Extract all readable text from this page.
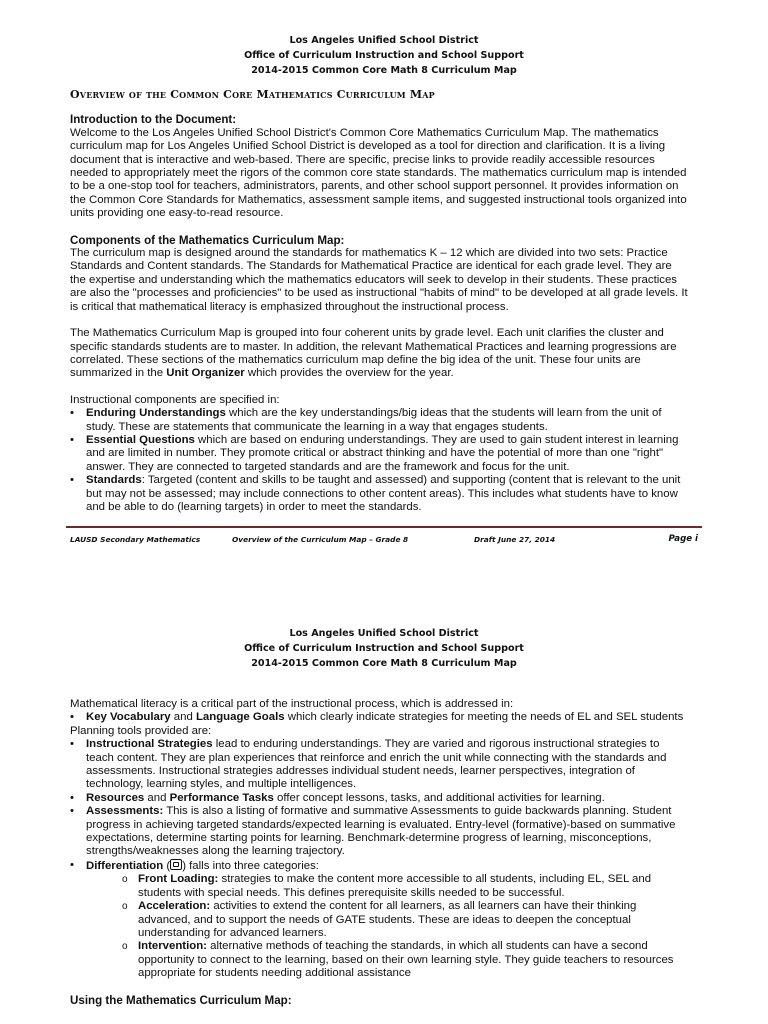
Los Angeles Unified School District
Office of Curriculum Instruction and School Support
2014-2015 Common Core Math 8 Curriculum Map
Overview of the Common Core Mathematics Curriculum Map
Introduction to the Document:

Welcome to the Los Angeles Unified School District's Common Core Mathematics Curriculum Map. The mathematics curriculum map for Los Angeles Unified School District is developed as a tool for direction and clarification. It is a living document that is interactive and web-based. There are specific, precise links to provide readily accessible resources needed to appropriately meet the rigors of the common core state standards. The mathematics curriculum map is intended to be a one-stop tool for teachers, administrators, parents, and other school support personnel. It provides information on the Common Core Standards for Mathematics, assessment sample items, and suggested instructional tools organized into units providing one easy-to-read resource.

Components of the Mathematics Curriculum Map:

The curriculum map is designed around the standards for mathematics K – 12 which are divided into two sets: Practice Standards and Content standards. The Standards for Mathematical Practice are identical for each grade level. They are the expertise and understanding which the mathematics educators will seek to develop in their students. These practices are also the "processes and proficiencies" to be used as instructional "habits of mind" to be developed at all grade levels. It is critical that mathematical literacy is emphasized throughout the instructional process.

The Mathematics Curriculum Map is grouped into four coherent units by grade level. Each unit clarifies the cluster and specific standards students are to master. In addition, the relevant Mathematical Practices and learning progressions are correlated. These sections of the mathematics curriculum map define the big idea of the unit. These four units are summarized in the Unit Organizer which provides the overview for the year.

Instructional components are specified in:

• Enduring Understandings which are the key understandings/big ideas that the students will learn from the unit of study. These are statements that communicate the learning in a way that engages students.
• Essential Questions which are based on enduring understandings. They are used to gain student interest in learning and are limited in number. They promote critical or abstract thinking and have the potential of more than one "right" answer. They are connected to targeted standards and are the framework and focus for the unit.
• Standards: Targeted (content and skills to be taught and assessed) and supporting (content that is relevant to the unit but may not be assessed; may include connections to other content areas). This includes what students have to know and be able to do (learning targets) in order to meet the standards.
LAUSD Secondary Mathematics	Overview of the Curriculum Map – Grade 8	Draft June 27, 2014	Page i
Los Angeles Unified School District
Office of Curriculum Instruction and School Support
2014-2015 Common Core Math 8 Curriculum Map

Mathematical literacy is a critical part of the instructional process, which is addressed in:

• Key Vocabulary and Language Goals which clearly indicate strategies for meeting the needs of EL and SEL students

Planning tools provided are:

• Instructional Strategies lead to enduring understandings. They are varied and rigorous instructional strategies to teach content. They are plan experiences that reinforce and enrich the unit while connecting with the standards and assessments. Instructional strategies addresses individual student needs, learner perspectives, integration of technology, learning styles, and multiple intelligences.
• Resources and Performance Tasks offer concept lessons, tasks, and additional activities for learning.
• Assessments: This is also a listing of formative and summative Assessments to guide backwards planning. Student progress in achieving targeted standards/expected learning is evaluated. Entry-level (formative)-based on summative expectations, determine starting points for learning. Benchmark-determine progress of learning, misconceptions, strengths/weaknesses along the learning trajectory.
• Differentiation ( ) falls into three categories:
o Front Loading: strategies to make the content more accessible to all students, including EL, SEL and students with special needs. This defines prerequisite skills needed to be successful.
o Acceleration: activities to extend the content for all learners, as all learners can have their thinking advanced, and to support the needs of GATE students. These are ideas to deepen the conceptual understanding for advanced learners.
o Intervention: alternative methods of teaching the standards, in which all students can have a second opportunity to connect to the learning, based on their own learning style. They guide teachers to resources appropriate for students needing additional assistance
Using the Mathematics Curriculum Map:
